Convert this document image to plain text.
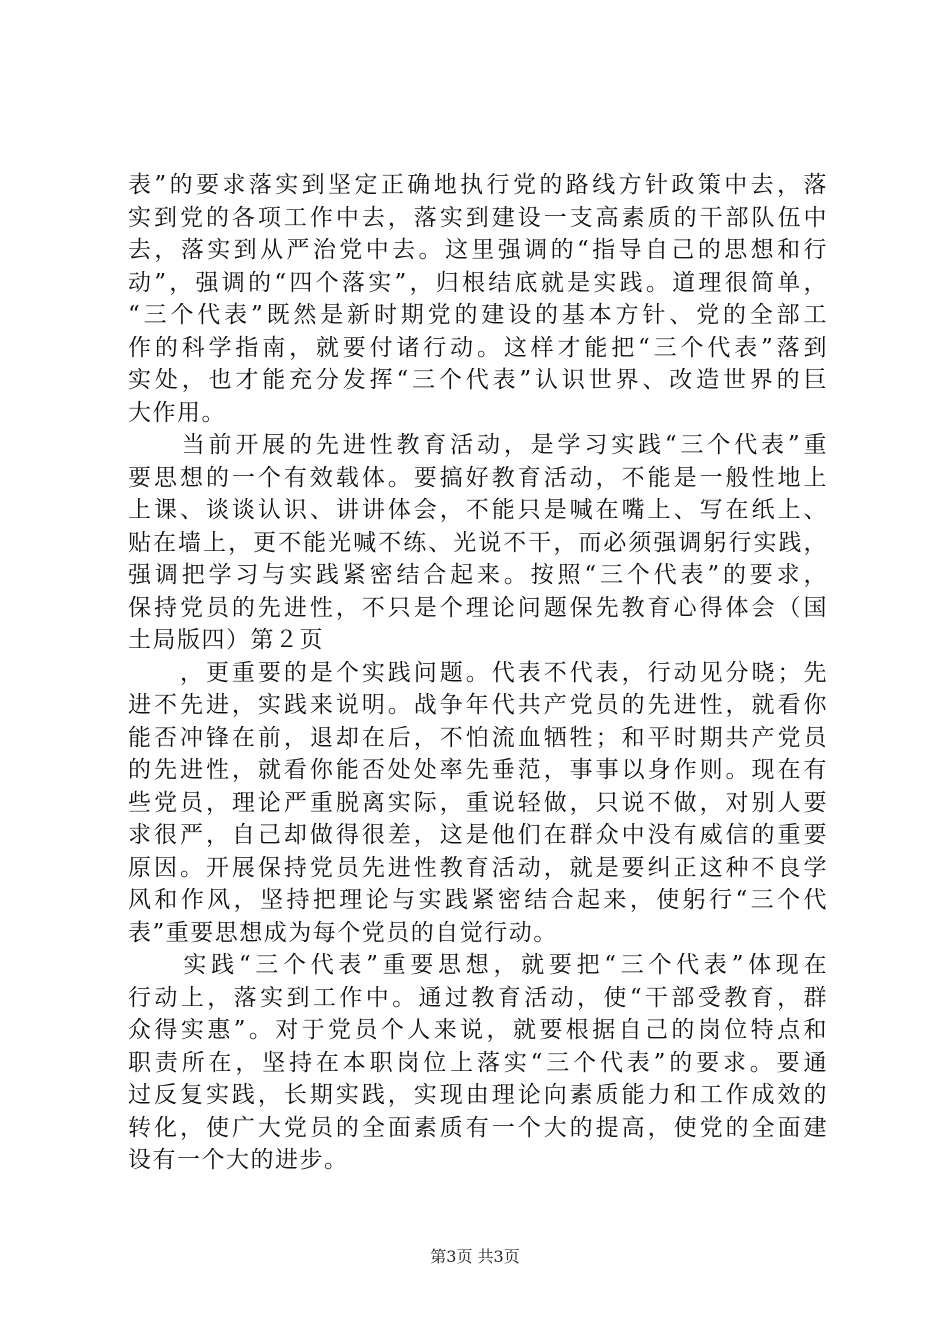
表”的要求落实到坚定正确地执行党的路线方针政策中去，落
实到党的各项工作中去，落实到建设一支高素质的干部队伍中
去，落实到从严治党中去。这里强调的“指导自己的思想和行
动”，强调的“四个落实”，归根结底就是实践。道理很简单，
“三个代表”既然是新时期党的建设的基本方针、党的全部工
作的科学指南，就要付诸行动。这样才能把“三个代表”落到
实处，也才能充分发挥“三个代表”认识世界、改造世界的巨
大作用。
　　当前开展的先进性教育活动，是学习实践“三个代表”重
要思想的一个有效载体。要搞好教育活动，不能是一般性地上
上课、谈谈认识、讲讲体会，不能只是喊在嘴上、写在纸上、
贴在墙上，更不能光喊不练、光说不干，而必须强调躬行实践，
强调把学习与实践紧密结合起来。按照“三个代表”的要求，
保持党员的先进性，不只是个理论问题保先教育心得体会（国
土局版四）第２页
　　，更重要的是个实践问题。代表不代表，行动见分晓；先
进不先进，实践来说明。战争年代共产党员的先进性，就看你
能否冲锋在前，退却在后，不怕流血牺牲；和平时期共产党员
的先进性，就看你能否处处率先垂范，事事以身作则。现在有
些党员，理论严重脱离实际，重说轻做，只说不做，对别人要
求很严，自己却做得很差，这是他们在群众中没有威信的重要
原因。开展保持党员先进性教育活动，就是要纠正这种不良学
风和作风，坚持把理论与实践紧密结合起来，使躬行“三个代
表”重要思想成为每个党员的自觉行动。
　　实践“三个代表”重要思想，就要把“三个代表”体现在
行动上，落实到工作中。通过教育活动，使“干部受教育，群
众得实惠”。对于党员个人来说，就要根据自己的岗位特点和
职责所在，坚持在本职岗位上落实“三个代表”的要求。要通
过反复实践，长期实践，实现由理论向素质能力和工作成效的
转化，使广大党员的全面素质有一个大的提高，使党的全面建
设有一个大的进步。
第3页 共3页
